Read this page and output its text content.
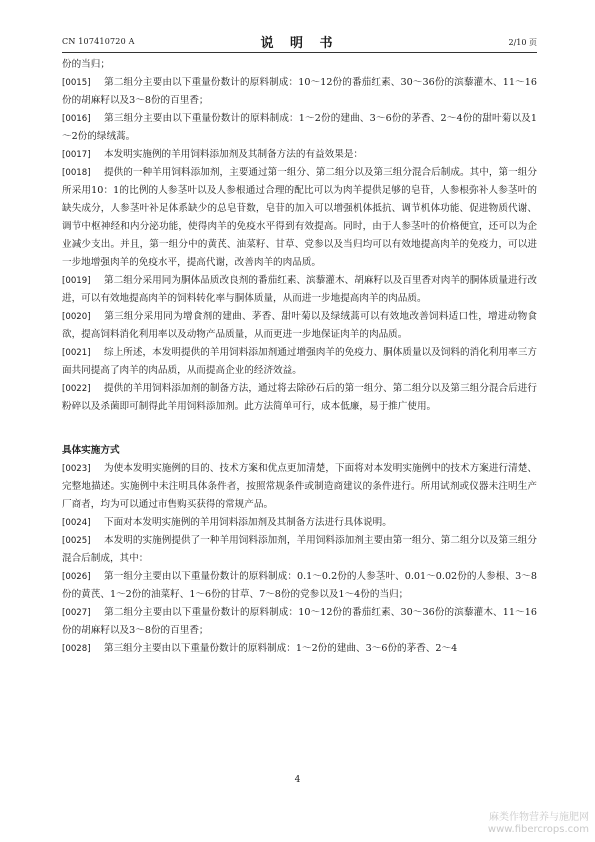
CN 107410720 A	说 明 书	2/10 页
份的当归；
[0015] 第二组分主要由以下重量份数计的原料制成：10～12份的番茄红素、30～36份的滨藜灌木、11～16份的胡麻籽以及3～8份的百里香；
[0016] 第三组分主要由以下重量份数计的原料制成：1～2份的建曲、3～6份的茅香、2～4份的甜叶菊以及1～2份的绿绒蒿。
[0017] 本发明实施例的羊用饲料添加剂及其制备方法的有益效果是：
[0018] 提供的一种羊用饲料添加剂，主要通过第一组分、第二组分以及第三组分混合后制成。其中，第一组分所采用10：1的比例的人参茎叶以及人参根通过合理的配比可以为肉羊提供足够的皂苷，人参根弥补人参茎叶的缺失成分，人参茎叶补足体系缺少的总皂苷数，皂苷的加入可以增强机体抵抗、调节机体功能、促进物质代谢、调节中枢神经和内分泌功能，使得肉羊的免疫水平得到有效提高。同时，由于人参茎叶的价格便宜，还可以为企业减少支出。并且，第一组分中的黄芪、油菜籽、甘草、党参以及当归均可以有效地提高肉羊的免疫力，可以进一步地增强肉羊的免疫水平，提高代谢，改善肉羊的肉品质。
[0019] 第二组分采用同为胴体品质改良剂的番茄红素、滨藜灌木、胡麻籽以及百里香对肉羊的胴体质量进行改进，可以有效地提高肉羊的饲料转化率与胴体质量，从而进一步地提高肉羊的肉品质。
[0020] 第三组分采用同为增食剂的建曲、茅香、甜叶菊以及绿绒蒿可以有效地改善饲料适口性，增进动物食欲，提高饲料消化利用率以及动物产品质量，从而更进一步地保证肉羊的肉品质。
[0021] 综上所述，本发明提供的羊用饲料添加剂通过增强肉羊的免疫力、胴体质量以及饲料的消化利用率三方面共同提高了肉羊的肉品质，从而提高企业的经济效益。
[0022] 提供的羊用饲料添加剂的制备方法，通过将去除砂石后的第一组分、第二组分以及第三组分混合后进行粉碎以及杀菌即可制得此羊用饲料添加剂。此方法简单可行，成本低廉，易于推广使用。
具体实施方式
[0023] 为使本发明实施例的目的、技术方案和优点更加清楚，下面将对本发明实施例中的技术方案进行清楚、完整地描述。实施例中未注明具体条件者，按照常规条件或制造商建议的条件进行。所用试剂或仪器未注明生产厂商者，均为可以通过市售购买获得的常规产品。
[0024] 下面对本发明实施例的羊用饲料添加剂及其制备方法进行具体说明。
[0025] 本发明的实施例提供了一种羊用饲料添加剂，羊用饲料添加剂主要由第一组分、第二组分以及第三组分混合后制成，其中：
[0026] 第一组分主要由以下重量份数计的原料制成：0.1～0.2份的人参茎叶、0.01～0.02份的人参根、3～8份的黄芪、1～2份的油菜籽、1～6份的甘草、7～8份的党参以及1～4份的当归；
[0027] 第二组分主要由以下重量份数计的原料制成：10～12份的番茄红素、30～36份的滨藜灌木、11～16份的胡麻籽以及3～8份的百里香；
[0028] 第三组分主要由以下重量份数计的原料制成：1～2份的建曲、3～6份的茅香、2～4
4
麻类作物营养与施肥网
www.fibercrops.com
